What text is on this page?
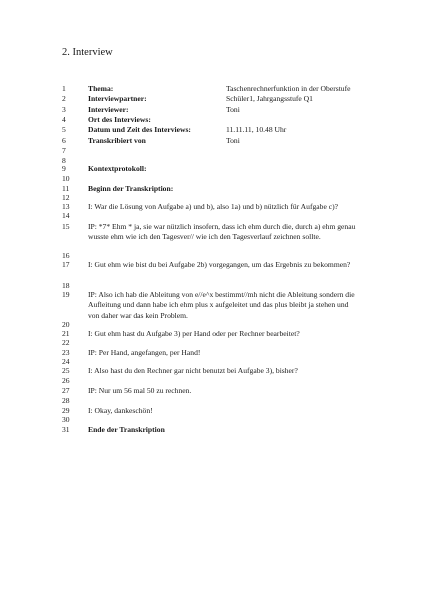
2. Interview
1	Thema:	Taschenrechnerfunktion in der Oberstufe
2	Interviewpartner:	Schüler1, Jahrgangsstufe Q1
3	Interviewer:	Toni
4	Ort des Interviews:
5	Datum und Zeit des Interviews:	11.11.11, 10.48 Uhr
6	Transkribiert von	Toni
7
8
9	Kontextprotokoll:
10
11	Beginn der Transkription:
12
13	I: War die Lösung von Aufgabe a) und b), also 1a) und b) nützlich für Aufgabe c)?
14
15	IP: *7* Ehm * ja, sie war nützlich insofern, dass ich ehm durch die, durch a) ehm genau wusste ehm wie ich den Tagesver// wie ich den Tagesverlauf zeichnen sollte.
16
17	I: Gut ehm wie bist du bei Aufgabe 2b) vorgegangen, um das Ergebnis zu bekommen?
18
19	IP: Also ich hab die Ableitung von e//e^x bestimmt//mh nicht die Ableitung sondern die Aufleitung und dann habe ich ehm plus x aufgeleitet und das plus bleibt ja stehen und von daher war das kein Problem.
20
21	I: Gut ehm hast du Aufgabe 3) per Hand oder per Rechner bearbeitet?
22
23	IP: Per Hand, angefangen, per Hand!
24
25	I: Also hast du den Rechner gar nicht benutzt bei Aufgabe 3), bisher?
26
27	IP: Nur um 56 mal 50 zu rechnen.
28
29	I: Okay, dankeschön!
30
31	Ende der Transkription
